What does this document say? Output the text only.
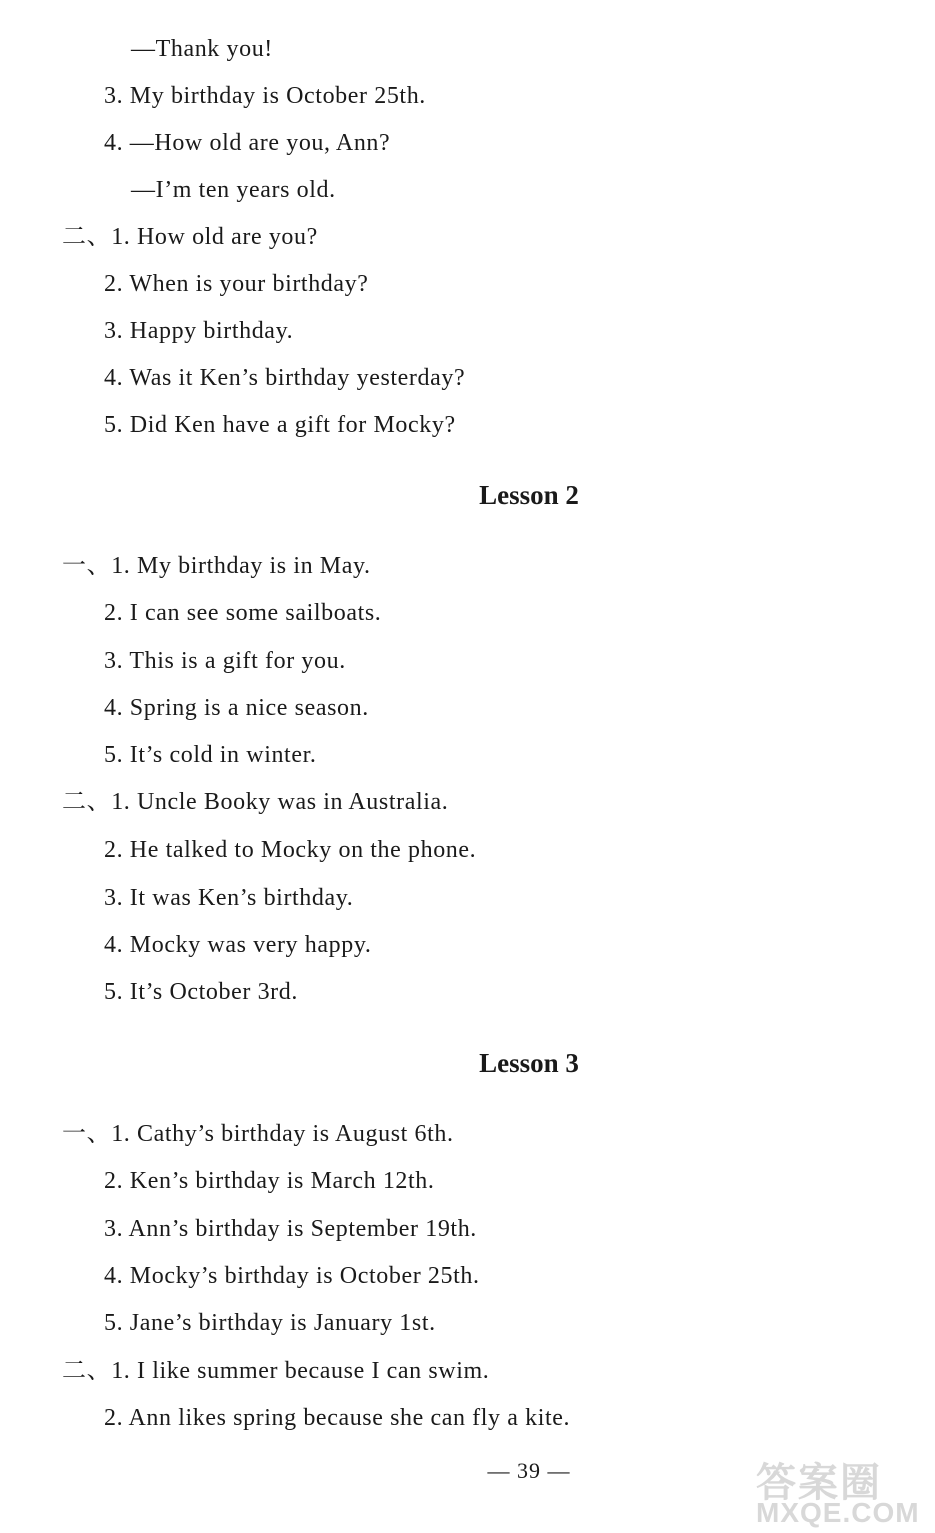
—Thank you!
3. My birthday is October 25th.
4. —How old are you, Ann?
—I’m ten years old.
二、1. How old are you?
2. When is your birthday?
3. Happy birthday.
4. Was it Ken’s birthday yesterday?
5. Did Ken have a gift for Mocky?
Lesson 2
一、1. My birthday is in May.
2. I can see some sailboats.
3. This is a gift for you.
4. Spring is a nice season.
5. It’s cold in winter.
二、1. Uncle Booky was in Australia.
2. He talked to Mocky on the phone.
3. It was Ken’s birthday.
4. Mocky was very happy.
5. It’s October 3rd.
Lesson 3
一、1. Cathy’s birthday is August 6th.
2. Ken’s birthday is March 12th.
3. Ann’s birthday is September 19th.
4. Mocky’s birthday is October 25th.
5. Jane’s birthday is January 1st.
二、1. I like summer because I can swim.
2. Ann likes spring because she can fly a kite.
— 39 —	答案圈
MXQE.COM
